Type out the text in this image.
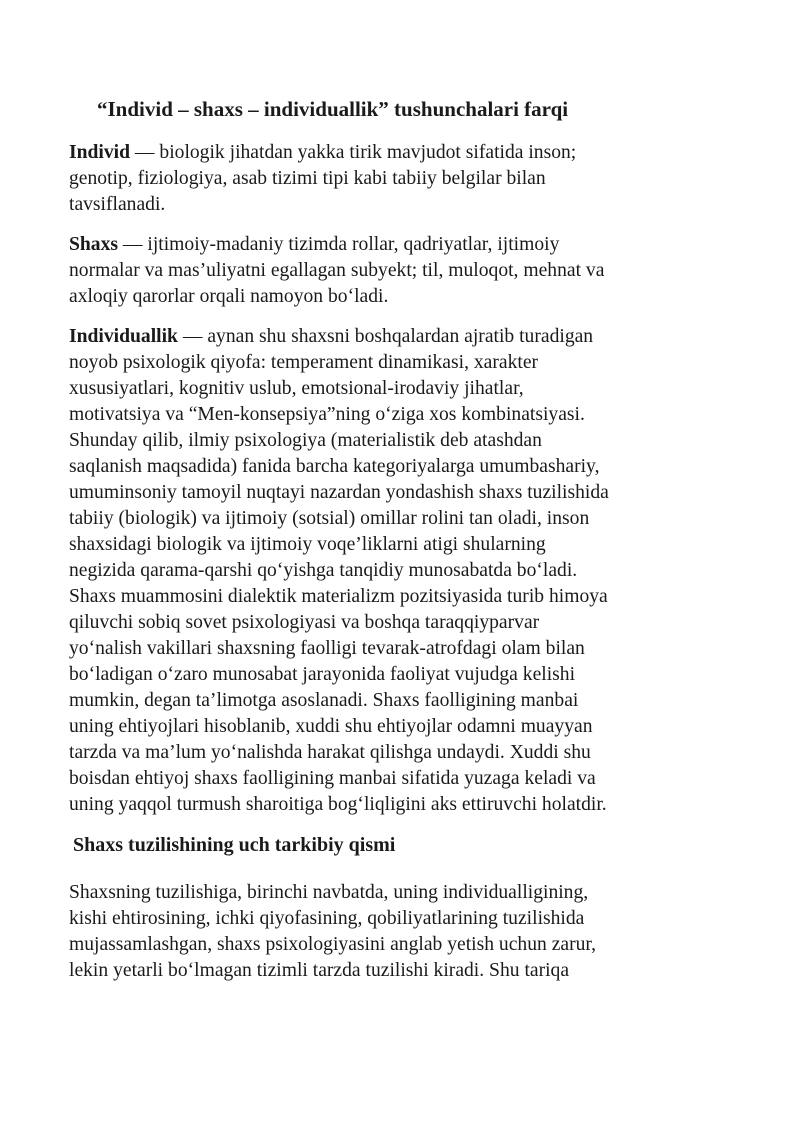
“Individ – shaxs – individuallik” tushunchalari farqi
Individ — biologik jihatdan yakka tirik mavjudot sifatida inson;
genotip, fiziologiya, asab tizimi tipi kabi tabiiy belgilar bilan
tavsiflanadi.
Shaxs — ijtimoiy-madaniy tizimda rollar, qadriyatlar, ijtimoiy
normalar va mas’uliyatni egallagan subyekt; til, muloqot, mehnat va
axloqiy qarorlar orqali namoyon bo‘ladi.
Individuallik — aynan shu shaxsni boshqalardan ajratib turadigan
noyob psixologik qiyofa: temperament dinamikasi, xarakter
xususiyatlari, kognitiv uslub, emotsional-irodaviy jihatlar,
motivatsiya va “Men-konsepsiya”ning o‘ziga xos kombinatsiyasi.
Shunday qilib, ilmiy psixologiya (materialistik deb atashdan
saqlanish maqsadida) fanida barcha kategoriyalarga umumbashariy,
umuminsoniy tamoyil nuqtayi nazardan yondashish shaxs tuzilishida
tabiiy (biologik) va ijtimoiy (sotsial) omillar rolini tan oladi, inson
shaxsidagi biologik va ijtimoiy voqe’liklarni atigi shularning
negizida qarama-qarshi qo‘yishga tanqidiy munosabatda bo‘ladi.
Shaxs muammosini dialektik materializm pozitsiyasida turib himoya
qiluvchi sobiq sovet psixologiyasi va boshqa taraqqiyparvar
yo‘nalish vakillari shaxsning faolligi tevarak-atrofdagi olam bilan
bo‘ladigan o‘zaro munosabat jarayonida faoliyat vujudga kelishi
mumkin, degan ta’limotga asoslanadi. Shaxs faolligining manbai
uning ehtiyojlari hisoblanib, xuddi shu ehtiyojlar odamni muayyan
tarzda va ma’lum yo‘nalishda harakat qilishga undaydi. Xuddi shu
boisdan ehtiyoj shaxs faolligining manbai sifatida yuzaga keladi va
uning yaqqol turmush sharoitiga bog‘liqligini aks ettiruvchi holatdir.
Shaxs tuzilishining uch tarkibiy qismi
Shaxsning tuzilishiga, birinchi navbatda, uning individualligining,
kishi ehtirosining, ichki qiyofasining, qobiliyatlarining tuzilishida
mujassamlashgan, shaxs psixologiyasini anglab yetish uchun zarur,
lekin yetarli bo‘lmagan tizimli tarzda tuzilishi kiradi. Shu tariqa
